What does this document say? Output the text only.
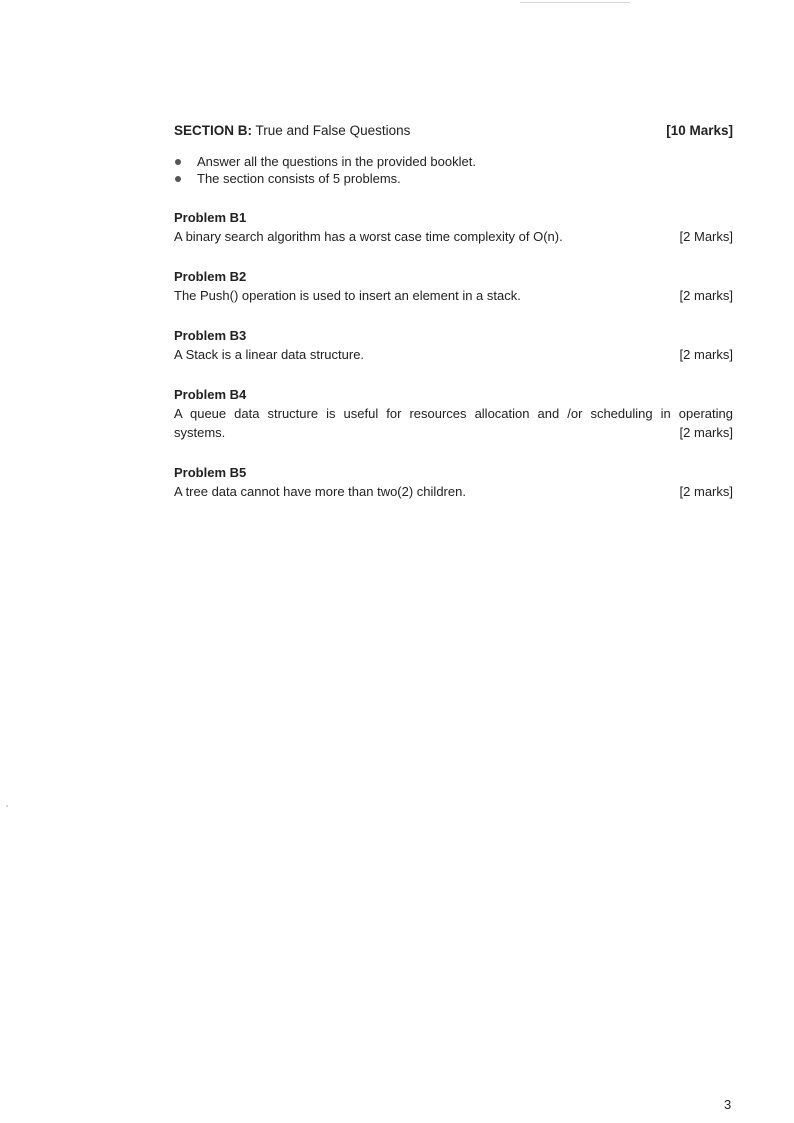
SECTION B: True and False Questions	[10 Marks]
Answer all the questions in the provided booklet.
The section consists of 5 problems.
Problem B1
A binary search algorithm has a worst case time complexity of O(n).	[2 Marks]
Problem B2
The Push() operation is used to insert an element in a stack.	[2 marks]
Problem B3
A Stack is a linear data structure.	[2 marks]
Problem B4
A queue data structure is useful for resources allocation and /or scheduling in operating
systems.	[2 marks]
Problem B5
A tree data cannot have more than two(2) children.	[2 marks]
3
